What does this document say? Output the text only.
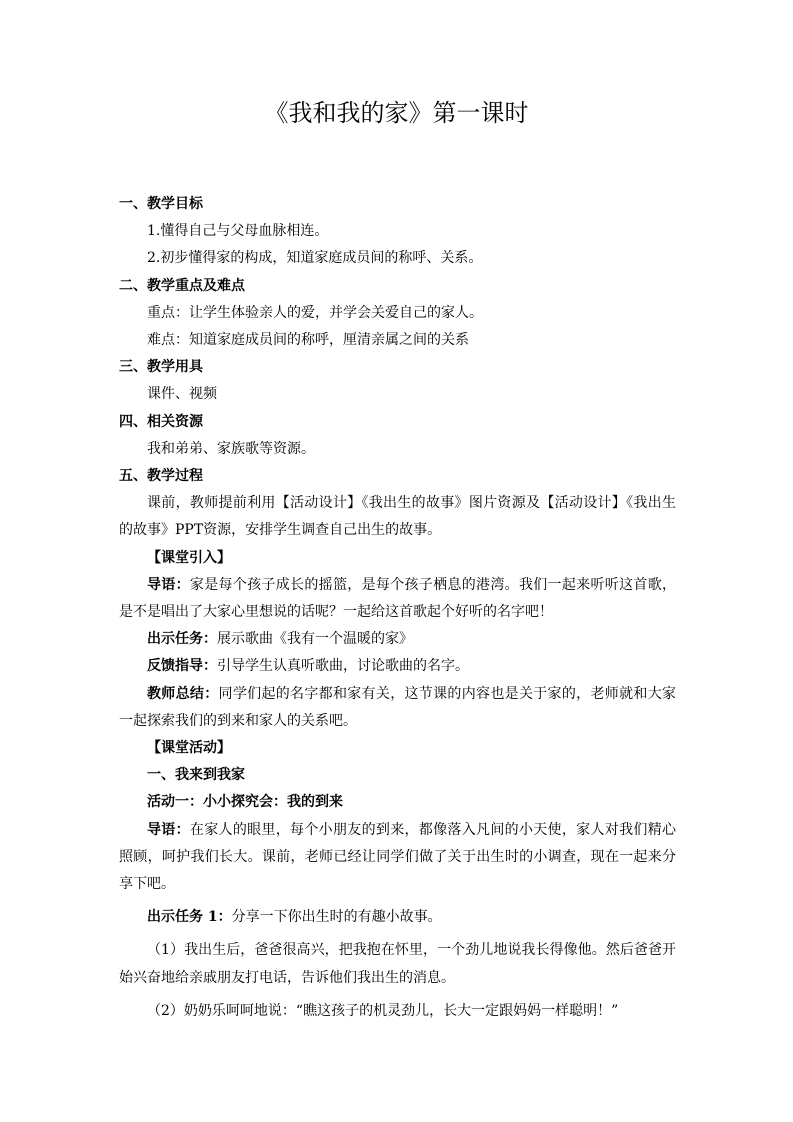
《我和我的家》第一课时

一、教学目标

1.懂得自己与父母血脉相连。

2.初步懂得家的构成，知道家庭成员间的称呼、关系。

二、教学重点及难点

重点：让学生体验亲人的爱，并学会关爱自己的家人。

难点：知道家庭成员间的称呼，厘清亲属之间的关系

三、教学用具

课件、视频

四、相关资源

我和弟弟、家族歌等资源。

五、教学过程

课前，教师提前利用【活动设计】《我出生的故事》图片资源及【活动设计】《我出生的故事》PPT资源，安排学生调查自己出生的故事。

【课堂引入】

导语：家是每个孩子成长的摇篮，是每个孩子栖息的港湾。我们一起来听听这首歌，是不是唱出了大家心里想说的话呢？一起给这首歌起个好听的名字吧！

出示任务：展示歌曲《我有一个温暖的家》

反馈指导：引导学生认真听歌曲，讨论歌曲的名字。

教师总结：同学们起的名字都和家有关，这节课的内容也是关于家的，老师就和大家一起探索我们的到来和家人的关系吧。

【课堂活动】

一、我来到我家

活动一：小小探究会：我的到来

导语：在家人的眼里，每个小朋友的到来，都像落入凡间的小天使，家人对我们精心照顾，呵护我们长大。课前，老师已经让同学们做了关于出生时的小调查，现在一起来分享下吧。

出示任务 1：分享一下你出生时的有趣小故事。

（1）我出生后，爸爸很高兴，把我抱在怀里，一个劲儿地说我长得像他。然后爸爸开始兴奋地给亲戚朋友打电话，告诉他们我出生的消息。

（2）奶奶乐呵呵地说：“瞧这孩子的机灵劲儿，长大一定跟妈妈一样聪明！”
